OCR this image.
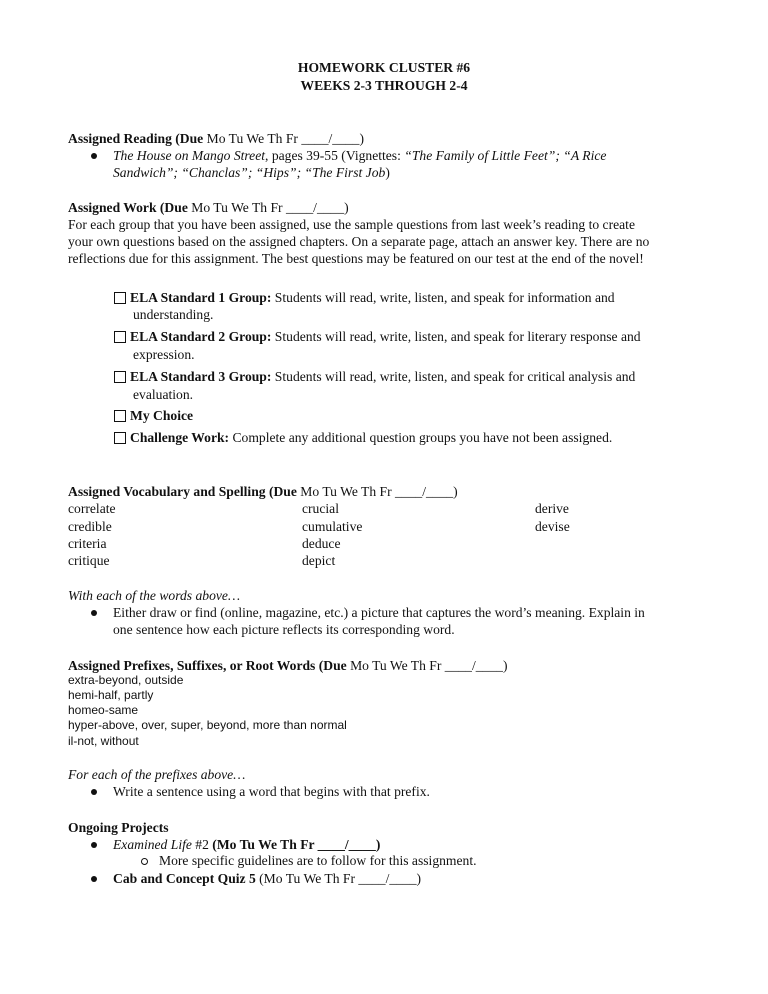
HOMEWORK CLUSTER #6
WEEKS 2-3 THROUGH 2-4
Assigned Reading (Due Mo Tu We Th Fr ____/____)
The House on Mango Street, pages 39-55 (Vignettes: “The Family of Little Feet”; “A Rice
Sandwich”; “Chanclas”; “Hips”; “The First Job)
Assigned Work (Due Mo Tu We Th Fr ____/____)
For each group that you have been assigned, use the sample questions from last week’s reading to create
your own questions based on the assigned chapters. On a separate page, attach an answer key. There are no
reflections due for this assignment. The best questions may be featured on our test at the end of the novel!
ELA Standard 1 Group: Students will read, write, listen, and speak for information and
understanding.
ELA Standard 2 Group: Students will read, write, listen, and speak for literary response and
expression.
ELA Standard 3 Group: Students will read, write, listen, and speak for critical analysis and
evaluation.
My Choice
Challenge Work: Complete any additional question groups you have not been assigned.
Assigned Vocabulary and Spelling (Due Mo Tu We Th Fr ____/____)
correlate
credible
criteria
critique
crucial
cumulative
deduce
depict
derive
devise
With each of the words above…
Either draw or find (online, magazine, etc.) a picture that captures the word’s meaning. Explain in
one sentence how each picture reflects its corresponding word.
Assigned Prefixes, Suffixes, or Root Words (Due Mo Tu We Th Fr ____/____)
extra-beyond, outside
hemi-half, partly
homeo-same
hyper-above, over, super, beyond, more than normal
il-not, without
For each of the prefixes above…
Write a sentence using a word that begins with that prefix.
Ongoing Projects
Examined Life #2 (Mo Tu We Th Fr ____/____)
More specific guidelines are to follow for this assignment.
Cab and Concept Quiz 5 (Mo Tu We Th Fr ____/____)
